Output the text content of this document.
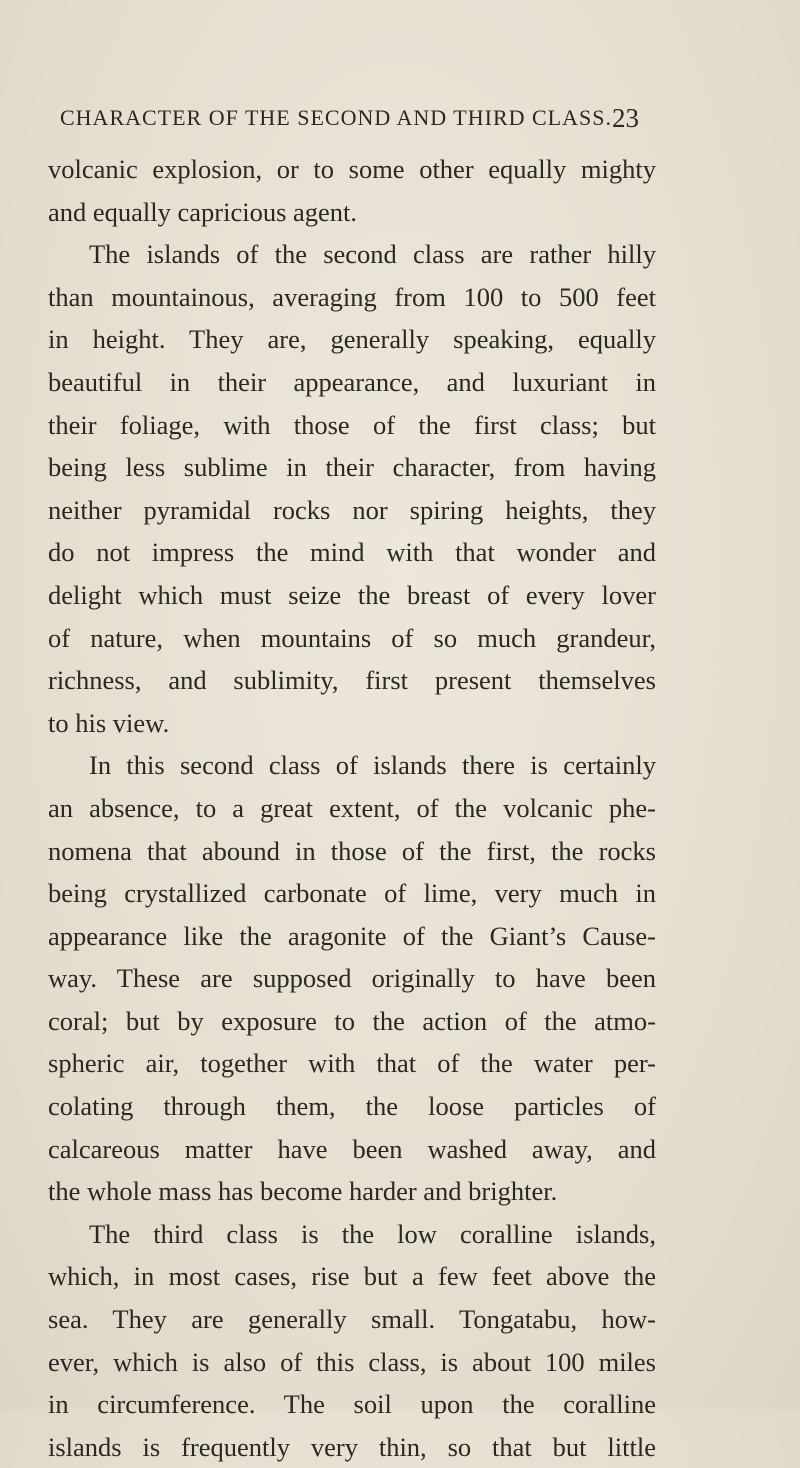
CHARACTER OF THE SECOND AND THIRD CLASS. 23
volcanic explosion, or to some other equally mighty
and equally capricious agent.
The islands of the second class are rather hilly
than mountainous, averaging from 100 to 500 feet
in height. They are, generally speaking, equally
beautiful in their appearance, and luxuriant in
their foliage, with those of the first class; but
being less sublime in their character, from having
neither pyramidal rocks nor spiring heights, they
do not impress the mind with that wonder and
delight which must seize the breast of every lover
of nature, when mountains of so much grandeur,
richness, and sublimity, first present themselves
to his view.
In this second class of islands there is certainly
an absence, to a great extent, of the volcanic phe-
nomena that abound in those of the first, the rocks
being crystallized carbonate of lime, very much in
appearance like the aragonite of the Giant’s Cause-
way. These are supposed originally to have been
coral; but by exposure to the action of the atmo-
spheric air, together with that of the water per-
colating through them, the loose particles of
calcareous matter have been washed away, and
the whole mass has become harder and brighter.
The third class is the low coralline islands,
which, in most cases, rise but a few feet above the
sea. They are generally small. Tongatabu, how-
ever, which is also of this class, is about 100 miles
in circumference. The soil upon the coralline
islands is frequently very thin, so that but little
